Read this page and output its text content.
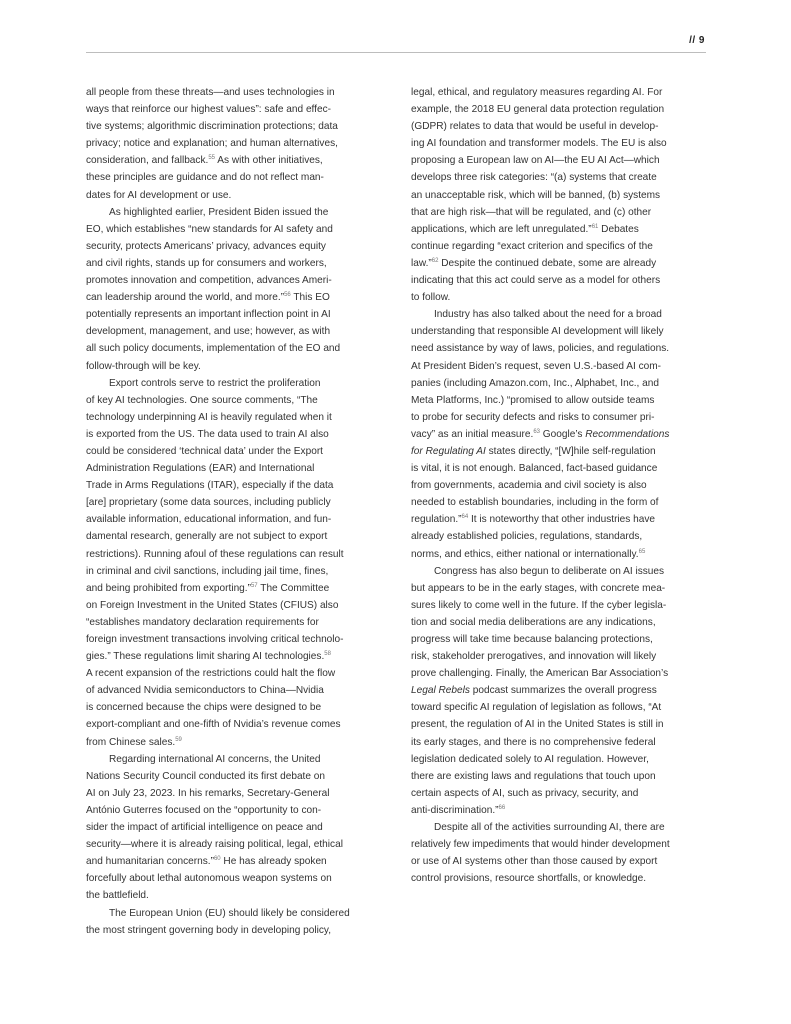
// 9

all people from these threats—and uses technologies in

ways that reinforce our highest values”: safe and effec-

tive systems; algorithmic discrimination protections; data

privacy; notice and explanation; and human alternatives,

consideration, and fallback.$^{55}$ As with other initiatives,

these principles are guidance and do not reflect man-

dates for AI development or use.

As highlighted earlier, President Biden issued the

EO, which establishes “new standards for AI safety and

security, protects Americans’ privacy, advances equity

and civil rights, stands up for consumers and workers,

promotes innovation and competition, advances Ameri-

can leadership around the world, and more.”$^{56}$ This EO

potentially represents an important inflection point in AI

development, management, and use; however, as with

all such policy documents, implementation of the EO and

follow-through will be key.

Export controls serve to restrict the proliferation

of key AI technologies. One source comments, “The

technology underpinning AI is heavily regulated when it

is exported from the US. The data used to train AI also

could be considered ‘technical data’ under the Export

Administration Regulations (EAR) and International

Trade in Arms Regulations (ITAR), especially if the data

[are] proprietary (some data sources, including publicly

available information, educational information, and fun-

damental research, generally are not subject to export

restrictions). Running afoul of these regulations can result

in criminal and civil sanctions, including jail time, fines,

and being prohibited from exporting.”$^{57}$ The Committee

on Foreign Investment in the United States (CFIUS) also

“establishes mandatory declaration requirements for

foreign investment transactions involving critical technolo-

gies.” These regulations limit sharing AI technologies.$^{58}$

A recent expansion of the restrictions could halt the flow

of advanced Nvidia semiconductors to China—Nvidia

is concerned because the chips were designed to be

export-compliant and one-fifth of Nvidia’s revenue comes

from Chinese sales.$^{59}$

Regarding international AI concerns, the United

Nations Security Council conducted its first debate on

AI on July 23, 2023. In his remarks, Secretary-General

António Guterres focused on the “opportunity to con-

sider the impact of artificial intelligence on peace and

security—where it is already raising political, legal, ethical

and humanitarian concerns.”$^{60}$ He has already spoken

forcefully about lethal autonomous weapon systems on

the battlefield.

The European Union (EU) should likely be considered

the most stringent governing body in developing policy,

legal, ethical, and regulatory measures regarding AI. For

example, the 2018 EU general data protection regulation

(GDPR) relates to data that would be useful in develop-

ing AI foundation and transformer models. The EU is also

proposing a European law on AI—the EU AI Act—which

develops three risk categories: “(a) systems that create

an unacceptable risk, which will be banned, (b) systems

that are high risk—that will be regulated, and (c) other

applications, which are left unregulated.”$^{61}$ Debates

continue regarding “exact criterion and specifics of the

law.”$^{62}$ Despite the continued debate, some are already

indicating that this act could serve as a model for others

to follow.

Industry has also talked about the need for a broad

understanding that responsible AI development will likely

need assistance by way of laws, policies, and regulations.

At President Biden’s request, seven U.S.-based AI com-

panies (including Amazon.com, Inc., Alphabet, Inc., and

Meta Platforms, Inc.) “promised to allow outside teams

to probe for security defects and risks to consumer pri-

vacy” as an initial measure.$^{63}$ Google’s Recommendations

for Regulating AI states directly, “[W]hile self-regulation

is vital, it is not enough. Balanced, fact-based guidance

from governments, academia and civil society is also

needed to establish boundaries, including in the form of

regulation.”$^{64}$ It is noteworthy that other industries have

already established policies, regulations, standards,

norms, and ethics, either national or internationally.$^{65}$

Congress has also begun to deliberate on AI issues

but appears to be in the early stages, with concrete mea-

sures likely to come well in the future. If the cyber legisla-

tion and social media deliberations are any indications,

progress will take time because balancing protections,

risk, stakeholder prerogatives, and innovation will likely

prove challenging. Finally, the American Bar Association’s

Legal Rebels podcast summarizes the overall progress

toward specific AI regulation of legislation as follows, “At

present, the regulation of AI in the United States is still in

its early stages, and there is no comprehensive federal

legislation dedicated solely to AI regulation. However,

there are existing laws and regulations that touch upon

certain aspects of AI, such as privacy, security, and

anti-discrimination.”$^{66}$

Despite all of the activities surrounding AI, there are

relatively few impediments that would hinder development

or use of AI systems other than those caused by export

control provisions, resource shortfalls, or knowledge.
